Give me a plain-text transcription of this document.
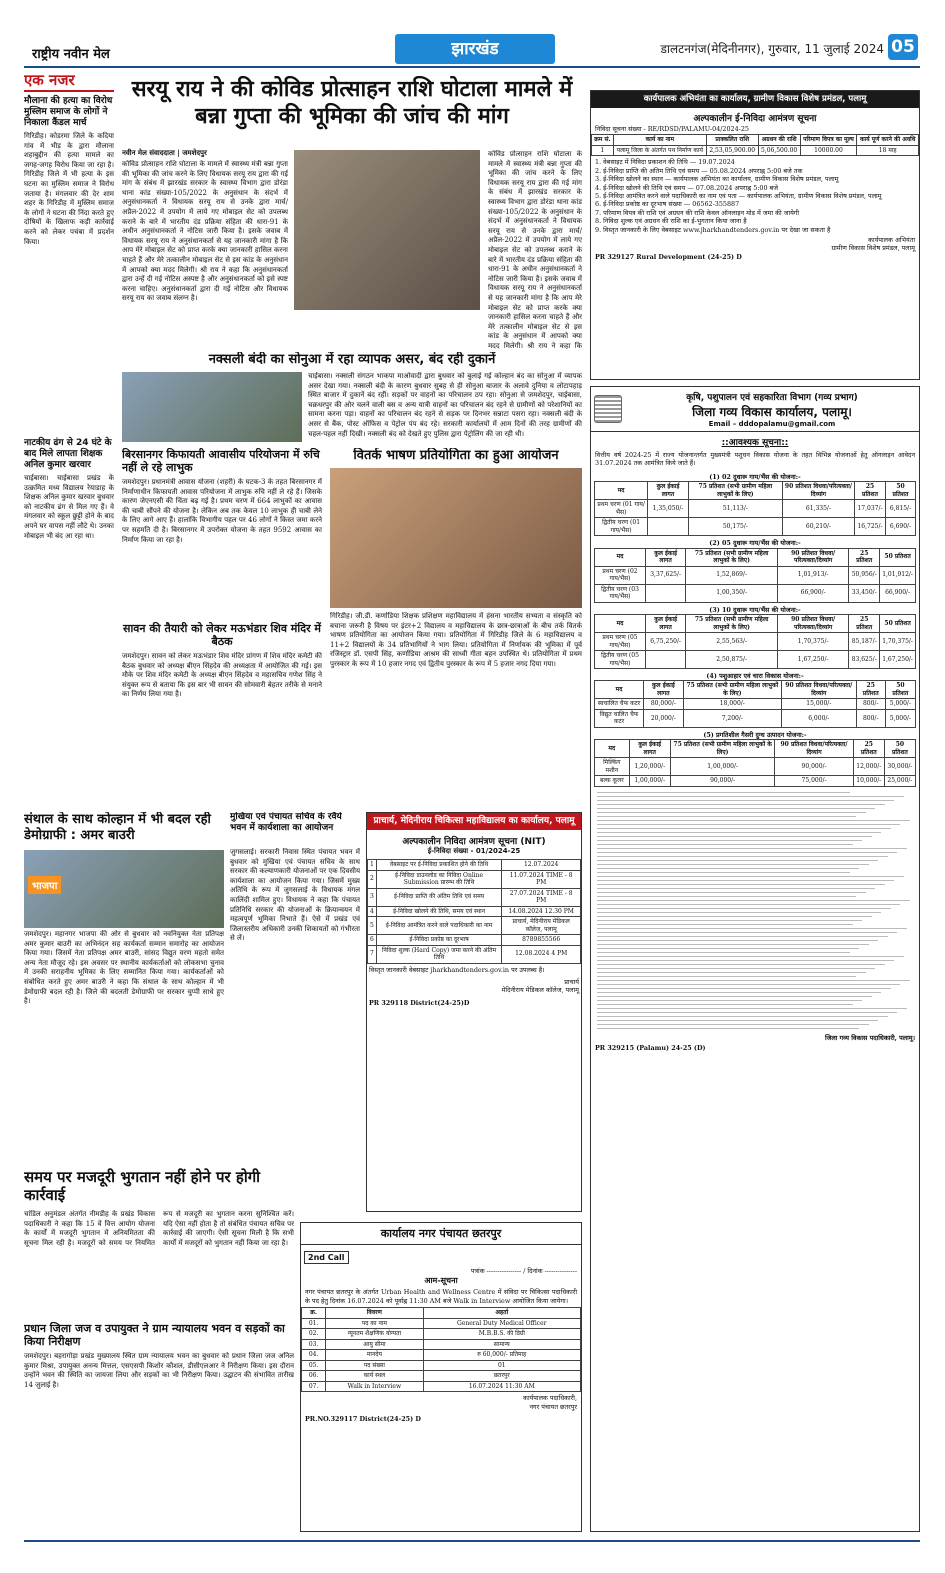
राष्ट्रीय नवीन मेल	झारखंड	डालटनगंज(मेदिनीनगर), गुरुवार, 11 जुलाई 2024 05
एक नजर
मौलाना की हत्या का विरोध मुस्लिम समाज के लोगों ने निकाला कैंडल मार्च
गिरिडीह। कोडरमा जिले के कदिया गांव में भीड़ के द्वारा मौलाना शहाबुद्दीन की हत्या मामले का जगह-जगह विरोध किया जा रहा है। गिरिडीह जिले में भी हत्या के इस घटना का मुस्लिम समाज ने विरोध जताया है। मंगलवार की देर शाम शहर के गिरिडीह में मुस्लिम समाज के लोगों ने घटना की निंदा करते हुए दोषियों के खिलाफ कड़ी कार्रवाई करने को लेकर पचंबा में प्रदर्शन किया।
नाटकीय ढंग से 24 घंटे के बाद मिले लापता शिक्षक अनिल कुमार खरवार
चाईबासा। चाईबासा प्रखंड के उत्क्रमित मध्य विद्यालय रेयाडाह के शिक्षक अनिल कुमार खरवार बुधवार को नाटकीय ढंग से मिल गए हैं। वे मंगलवार को स्कूल छुट्टी होने के बाद अपने घर वापस नहीं लौटे थे। उनका मोबाइल भी बंद आ रहा था।
सरयू राय ने की कोविड प्रोत्साहन राशि घोटाला मामले में बन्ना गुप्ता की भूमिका की जांच की मांग
नवीन मेल संवाददाता | जमशेदपुर
कोविड प्रोत्साहन राशि घोटाला के मामले में स्वास्थ्य मंत्री बन्ना गुप्ता की भूमिका की जांच करने के लिए विधायक सरयू राय द्वारा की गई मांग के संबंध में झारखंड सरकार के स्वास्थ्य विभाग द्वारा डोरंडा थाना कांड संख्या-105/2022 के अनुसंधान के संदर्भ में अनुसंधानकर्ता ने विधायक सरयू राय से उनके द्वारा मार्च/अप्रैल-2022 में उपयोग में लाये गए मोबाइल सेट को उपलब्ध कराने के बारे में भारतीय दंड प्रक्रिया संहिता की धारा-91 के अधीन अनुसंधानकर्ता ने नोटिस जारी किया है। इसके जवाब में विधायक सरयू राय ने अनुसंधानकर्ता से यह जानकारी मांगा है कि आप मेरे मोबाइल सेट को प्राप्त करके क्या जानकारी हासिल करना चाहते हैं और मेरे तत्कालीन मोबाइल सेट से इस कांड के अनुसंधान में आपको क्या मदद मिलेगी। श्री राय ने कहा कि अनुसंधानकर्ता द्वारा उन्हें दी गई नोटिस अस्पष्ट है और अनुसंधानकर्ता को इसे स्पष्ट करना चाहिए। अनुसंधानकर्ता द्वारा दी गई नोटिस और विधायक सरयू राय का जवाब संलग्न है।
कोविड प्रोत्साहन राशि घोटाला के मामले में स्वास्थ्य मंत्री बन्ना गुप्ता की भूमिका की जांच करने के लिए विधायक सरयू राय द्वारा की गई मांग के संबंध में झारखंड सरकार के स्वास्थ्य विभाग द्वारा डोरंडा थाना कांड संख्या-105/2022 के अनुसंधान के संदर्भ में अनुसंधानकर्ता ने विधायक सरयू राय से उनके द्वारा मार्च/अप्रैल-2022 में उपयोग में लाये गए मोबाइल सेट को उपलब्ध कराने के बारे में भारतीय दंड प्रक्रिया संहिता की धारा-91 के अधीन अनुसंधानकर्ता ने नोटिस जारी किया है। इसके जवाब में विधायक सरयू राय ने अनुसंधानकर्ता से यह जानकारी मांगा है कि आप मेरे मोबाइल सेट को प्राप्त करके क्या जानकारी हासिल करना चाहते हैं और मेरे तत्कालीन मोबाइल सेट से इस कांड के अनुसंधान में आपको क्या मदद मिलेगी। श्री राय ने कहा कि
नक्सली बंदी का सोनुआ में रहा व्यापक असर, बंद रही दुकानें
चाईबासा। नक्सली संगठन भाकपा माओवादी द्वारा बुधवार को बुलाई गई कोल्हान बंद का सोनुआ में व्यापक असर देखा गया। नक्सली बंदी के कारण बुधवार सुबह से ही सोनुआ बाजार के अलावे दुनिया व लोटापहाड़ स्थित बाजार में दुकानें बंद रहीं। सड़कों पर वाहनों का परिचालन ठप रहा। सोनुआ से जमशेदपुर, चाईबासा, चक्रधरपुर की ओर चलने वाली बस व अन्य यात्री वाहनों का परिचालन बंद रहने से ग्रामीणों को परेशानियों का सामना करना पड़ा। वाहनों का परिचालन बंद रहने से सड़क पर दिनभर सन्नाटा पसरा रहा। नक्सली बंदी के असर से बैंक, पोस्ट ऑफिस व पेट्रोल पंप बंद रहे। सरकारी कार्यालयों में आम दिनों की तरह ग्रामीणों की चहल-पहल नहीं दिखी। नक्सली बंद को देखते हुए पुलिस द्वारा पेट्रोलिंग की जा रही थी।
बिरसानगर किफायती आवासीय परियोजना में रुचि नहीं ले रहे लाभुक
जमशेदपुर। प्रधानमंत्री आवास योजना (शहरी) के घटक-3 के तहत बिरसानगर में निर्माणाधीन किफायती आवास परियोजना में लाभुक रुचि नहीं ले रहे हैं। जिसके कारण जेएनएसी की चिंता बढ़ गई है। प्रथम चरण में 664 लाभुकों का आवास की चाबी सौंपने की योजना है। लेकिन अब तक केवल 10 लाभुक ही चाबी लेने के लिए आगे आए हैं। हालांकि विभागीय पहल पर 46 लोगों ने किस्त जमा करने पर सहमति दी है। बिरसानगर में उपरोक्त योजना के तहत 9592 आवास का निर्माण किया जा रहा है।
सावन की तैयारी को लेकर मऊभंडार शिव मंदिर में बैठक
जमशेदपुर। सावन को लेकर मऊभंडार शिव मंदिर प्रांगण में शिव मंदिर कमेटी की बैठक बुधवार को अध्यक्ष बीएन सिंहदेव की अध्यक्षता में आयोजित की गई। इस मौके पर शिव मंदिर कमेटी के अध्यक्ष बीएन सिंहदेव व महासचिव गणेश सिंह ने संयुक्त रूप से बताया कि इस बार भी सावन की सोमवारी बेहतर तरीके से मनाने का निर्णय लिया गया है।
वितर्क भाषण प्रतियोगिता का हुआ आयोजन
गिरिडीह। जी.डी. कर्णाडिया शिक्षक प्रशिक्षण महाविद्यालय में हंसना भारतीय सभ्यता व संस्कृति को बचाना जरूरी है विषय पर इंटर+2 विद्यालय व महाविद्यालय के छात्र-छात्राओं के बीच तर्क वितर्क भाषण प्रतियोगिता का आयोजन किया गया। प्रतियोगिता में गिरिडीह जिले के 6 महाविद्यालय व 11+2 विद्यालयों के 34 प्रतिभागियों ने भाग लिया। प्रतियोगिता में निर्णायक की भूमिका में पूर्व रजिस्ट्रार डॉ. एसपी सिंह, कर्णाडिया आश्रम की साध्वी गीता बहन उपस्थित थे। प्रतियोगिता में प्रथम पुरस्कार के रूप में 10 हजार नगद एवं द्वितीय पुरस्कार के रूप में 5 हजार नगद दिया गया।
संथाल के साथ कोल्हान में भी बदल रही डेमोग्राफी : अमर बाउरी
भाजपा
जमशेदपुर। महानगर भाजपा की ओर से बुधवार को नवनियुक्त नेता प्रतिपक्ष अमर कुमार बाउरी का अभिनंदन सह कार्यकर्ता सम्मान समारोह का आयोजन किया गया। जिसमें नेता प्रतिपक्ष अमर बाउरी, सांसद विद्युत वरण महतो समेत अन्य नेता मौजूद रहे। इस अवसर पर स्थानीय कार्यकर्ताओं को लोकसभा चुनाव में उनकी सराहनीय भूमिका के लिए सम्मानित किया गया। कार्यकर्ताओं को संबोधित करते हुए अमर बाउरी ने कहा कि संथाल के साथ कोल्हान में भी डेमोग्राफी बदल रही है। जिले की बदलती डेमोग्राफी पर सरकार चुप्पी साधे हुए है।
मुखिया एवं पंचायत सचिव के रवैये भवन में कार्यशाला का आयोजन
जुगसलाई। सरकारी निवास स्थित पंचायत भवन में बुधवार को मुखिया एवं पंचायत सचिव के साथ सरकार की कल्याणकारी योजनाओं पर एक दिवसीय कार्यशाला का आयोजन किया गया। जिसमें मुख्य अतिथि के रूप में जुगसलाई के विधायक मंगल कालिंदी शामिल हुए। विधायक ने कहा कि पंचायत प्रतिनिधि सरकार की योजनाओं के क्रियान्वयन में महत्वपूर्ण भूमिका निभाते हैं। ऐसे में प्रखंड एवं जिलास्तरीय अधिकारी उनकी शिकायतों को गंभीरता से लें।
प्राचार्य, मेदिनीराय चिकित्सा महाविद्यालय का कार्यालय, पलामू
अल्पकालीन निविदा आमंत्रण सूचना (NIT)
ई-निविदा संख्या - 01/2024-25
1	वेबसाइट पर ई-निविदा प्रकाशित होने की तिथि	12.07.2024
2	ई-निविदा डाउनलोड का निविदा Online Submission प्रारम्भ की तिथि	11.07.2024 TIME - 8 PM
3	ई-निविदा प्राप्ति की अंतिम तिथि एवं समय	27.07.2024 TIME - 8 PM
4	ई-निविदा खोलने की तिथि, समय एवं स्थान	14.08.2024 12.30 PM
5	ई-निविदा आमंत्रित करने वाले पदाधिकारी का नाम	प्राचार्य, मेदिनीराय मेडिकल कॉलेज, पलामू
6	ई-निविदा प्रकोष्ठ का दूरभाष	8789855566
7	निविदा शुल्क (Hard Copy) जमा करने की अंतिम तिथि	12.08.2024 4 PM
विस्तृत जानकारी वेबसाइट jharkhandtenders.gov.in पर उपलब्ध है।
प्राचार्य
मेदिनीराय मेडिकल कॉलेज, पलामू
PR 329118 District(24-25)D
समय पर मजदूरी भुगतान नहीं होने पर होगी कार्रवाई
चांडिल अनुमंडल अंतर्गत नीमडीह के प्रखंड विकास पदाधिकारी ने कहा कि 15 वें वित्त आयोग योजना के कार्यों में मजदूरी भुगतान में अनियमितता की सूचना मिल रही है। मजदूरों को समय पर नियमित रूप से मजदूरी का भुगतान करना सुनिश्चित करें। यदि ऐसा नहीं होता है तो संबंधित पंचायत सचिव पर कार्रवाई की जाएगी। ऐसी सूचना मिली है कि सभी कार्यों में मजदूरों को भुगतान नहीं किया जा रहा है।
प्रधान जिला जज व उपायुक्त ने ग्राम न्यायालय भवन व सड़कों का किया निरीक्षण
जमशेदपुर। बहरागोड़ा प्रखंड मुख्यालय स्थित ग्राम न्यायालय भवन का बुधवार को प्रधान जिला जज अनिल कुमार मिश्रा, उपायुक्त अनन्य मित्तल, एसएसपी किशोर कौशल, डीसीएलआर ने निरीक्षण किया। इस दौरान उन्होंने भवन की स्थिति का जायजा लिया और सड़कों का भी निरीक्षण किया। उद्घाटन की संभावित तारीख 14 जुलाई है।
कार्यालय नगर पंचायत छतरपुर
2nd Call
पत्रांक ---------------- / दिनांक ---------------
आम-सूचना
नगर पंचायत छतरपुर के अंतर्गत Urban Health and Wellness Centre में संविदा पर चिकित्सा पदाधिकारी के पद हेतु दिनांक 16.07.2024 को पूर्वाह्न 11:30 AM बजे Walk in Interview आयोजित किया जायेगा।
क्र.	विवरण	अहर्ता
01.	पद का नाम	General Duty Medical Officer
02.	न्यूनतम शैक्षणिक योग्यता	M.B.B.S. की डिग्री
03.	आयु सीमा	सामान्य
04.	मानदेय	रु 60,000/- प्रतिमाह
05.	पद संख्या	01
06.	कार्य स्थल	छतरपुर
07.	Walk in Interview	16.07.2024 11:30 AM
कार्यपालक पदाधिकारी,
नगर पंचायत छतरपुर
PR.NO.329117 District(24-25) D
कार्यपालक अभियंता का कार्यालय, ग्रामीण विकास विशेष प्रमंडल, पलामू
अल्पकालीन ई-निविदा आमंत्रण सूचना
निविदा सूचना संख्या - RE/RDSD/PALAMU-04/2024-25
क्रम सं.	कार्य का नाम	प्राक्कलित राशि	अग्रधन की राशि	परिमाण विपत्र का मूल्य	कार्य पूर्ण करने की अवधि
1	पलामू जिला के अंतर्गत पथ निर्माण कार्य	2,53,05,900.00	5,06,500.00	10000.00	18 माह
1. वेबसाइट में निविदा प्रकाशन की तिथि — 19.07.2024
2. ई-निविदा प्राप्ति की अंतिम तिथि एवं समय — 05.08.2024 अपराह्न 5:00 बजे तक
3. ई-निविदा खोलने का स्थान — कार्यपालक अभियंता का कार्यालय, ग्रामीण विकास विशेष प्रमंडल, पलामू
4. ई-निविदा खोलने की तिथि एवं समय — 07.08.2024 अपराह्न 5:00 बजे
5. ई-निविदा आमंत्रित करने वाले पदाधिकारी का नाम एवं पता — कार्यपालक अभियंता, ग्रामीण विकास विशेष प्रमंडल, पलामू
6. ई-निविदा प्रकोष्ठ का दूरभाष संख्या — 06562-355887
7. परिमाण विपत्र की राशि एवं अग्रधन की राशि केवल ऑनलाइन मोड में जमा की जायेगी
8. निविदा शुल्क एवं अग्रधन की राशि का ई-भुगतान किया जाना है
9. विस्तृत जानकारी के लिए वेबसाइट www.jharkhandtenders.gov.in पर देखा जा सकता है
कार्यपालक अभियंता
ग्रामीण विकास विशेष प्रमंडल, पलामू
PR 329127 Rural Development (24-25) D
कृषि, पशुपालन एवं सहकारिता विभाग (गव्य प्रभाग)
जिला गव्य विकास कार्यालय, पलामू।
Email – dddopalamu@gmail.com
::आवश्यक सूचना::
वित्तीय वर्ष 2024-25 में राज्य योजनान्तर्गत मुख्यमंत्री पशुधन विकास योजना के तहत विभिन्न योजनाओं हेतु ऑनलाइन आवेदन 31.07.2024 तक आमंत्रित किये जाते हैं।
(1) 02 दुधारू गाय/भैंस की योजना:-
मद	कुल ईकाई लागत	75 प्रतिशत (सभी ग्रामीण महिला लाभुकों के लिए)	90 प्रतिशत विधवा/परित्यक्ता/दिव्यांग	25 प्रतिशत	50 प्रतिशत
प्रथम चरण (01 गाय/भैंस)	1,35,050/-	51,113/-	61,335/-	17,037/-	6,815/-
द्वितीय चरण (01 गाय/भैंस)		50,175/-	60,210/-	16,725/-	6,690/-
(2) 05 दुधारू गाय/भैंस की योजना:-
मद	कुल ईकाई लागत	75 प्रतिशत (सभी ग्रामीण महिला लाभुकों के लिए)	90 प्रतिशत विधवा/परित्यक्ता/दिव्यांग	25 प्रतिशत	50 प्रतिशत
प्रथम चरण (02 गाय/भैंस)	3,37,625/-	1,52,869/-	1,01,913/-	50,956/-	1,01,912/-
द्वितीय चरण (03 गाय/भैंस)		1,00,350/-	66,900/-	33,450/-	66,900/-
(3) 10 दुधारू गाय/भैंस की योजना:-
मद	कुल ईकाई लागत	75 प्रतिशत (सभी ग्रामीण महिला लाभुकों के लिए)	90 प्रतिशत विधवा/परित्यक्ता/दिव्यांग	25 प्रतिशत	50 प्रतिशत
प्रथम चरण (05 गाय/भैंस)	6,75,250/-	2,55,563/-	1,70,375/-	85,187/-	1,70,375/-
द्वितीय चरण (05 गाय/भैंस)		2,50,875/-	1,67,250/-	83,625/-	1,67,250/-
(4) पशुआहार एवं चारा विकास योजना:-
मद	कुल ईकाई लागत	75 प्रतिशत (सभी ग्रामीण महिला लाभुकों के लिए)	90 प्रतिशत विधवा/परित्यक्ता/दिव्यांग	25 प्रतिशत	50 प्रतिशत
स्वचालित चैफ कटर	80,000/-	18,000/-	15,000/-	800/-	5,000/-
विद्युत चालित चैफ कटर	20,000/-	7,200/-	6,000/-	800/-	5,000/-
(5) प्रगतिशील गैसरी दुग्ध उत्पादन योजना:-
मद	कुल ईकाई लागत	75 प्रतिशत (सभी ग्रामीण महिला लाभुकों के लिए)	90 प्रतिशत विधवा/परित्यक्ता/दिव्यांग	25 प्रतिशत	50 प्रतिशत
मिल्किंग मशीन	1,20,000/-	1,00,000/-	90,000/-	12,000/-	30,000/-
बल्क कूलर	1,00,000/-	90,000/-	75,000/-	10,000/-	25,000/-
जिला गव्य विकास पदाधिकारी, पलामू।
PR 329215 (Palamu) 24-25 (D)
